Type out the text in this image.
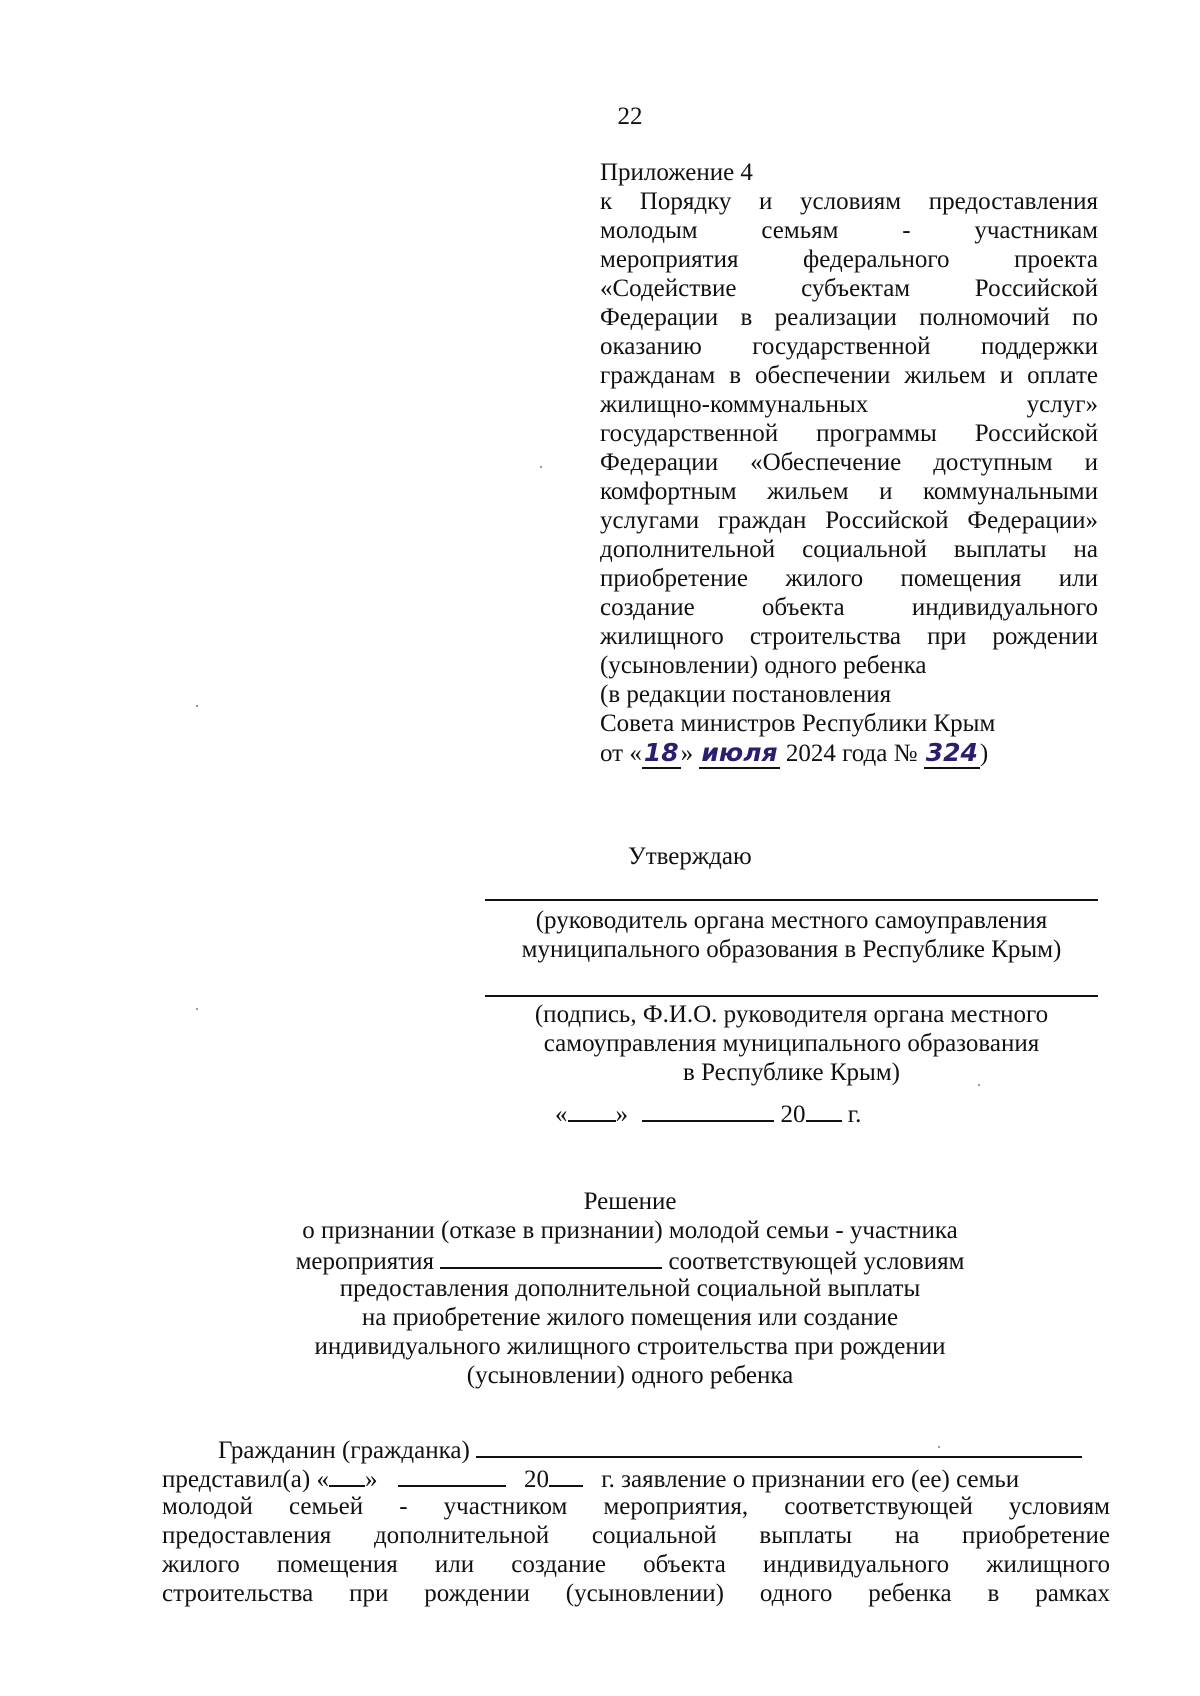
22
Приложение 4
к Порядку и условиям предоставления
молодым семьям - участникам
мероприятия федерального проекта
«Содействие субъектам Российской
Федерации в реализации полномочий по
оказанию государственной поддержки
гражданам в обеспечении жильем и оплате
жилищно-коммунальных услуг»
государственной программы Российской
Федерации «Обеспечение доступным и
комфортным жильем и коммунальными
услугами граждан Российской Федерации»
дополнительной социальной выплаты на
приобретение жилого помещения или
создание объекта индивидуального
жилищного строительства при рождении
(усыновлении) одного ребенка
(в редакции постановления
Совета министров Республики Крым
от «18» июля 2024 года № 324)
Утверждаю
(руководитель органа местного самоуправления
муниципального образования в Республике Крым)
(подпись, Ф.И.О. руководителя органа местного
самоуправления муниципального образования
в Республике Крым)
« »	20 г.
Решение
о признании (отказе в признании) молодой семьи - участника
мероприятия	соответствующей условиям
предоставления дополнительной социальной выплаты
на приобретение жилого помещения или создание
индивидуального жилищного строительства при рождении
(усыновлении) одного ребенка
Гражданин (гражданка)
представил(а) « »	20 г. заявление о признании его (ее) семьи
молодой семьей - участником мероприятия, соответствующей условиям
предоставления дополнительной социальной выплаты на приобретение
жилого помещения или создание объекта индивидуального жилищного
строительства при рождении (усыновлении) одного ребенка в рамках
